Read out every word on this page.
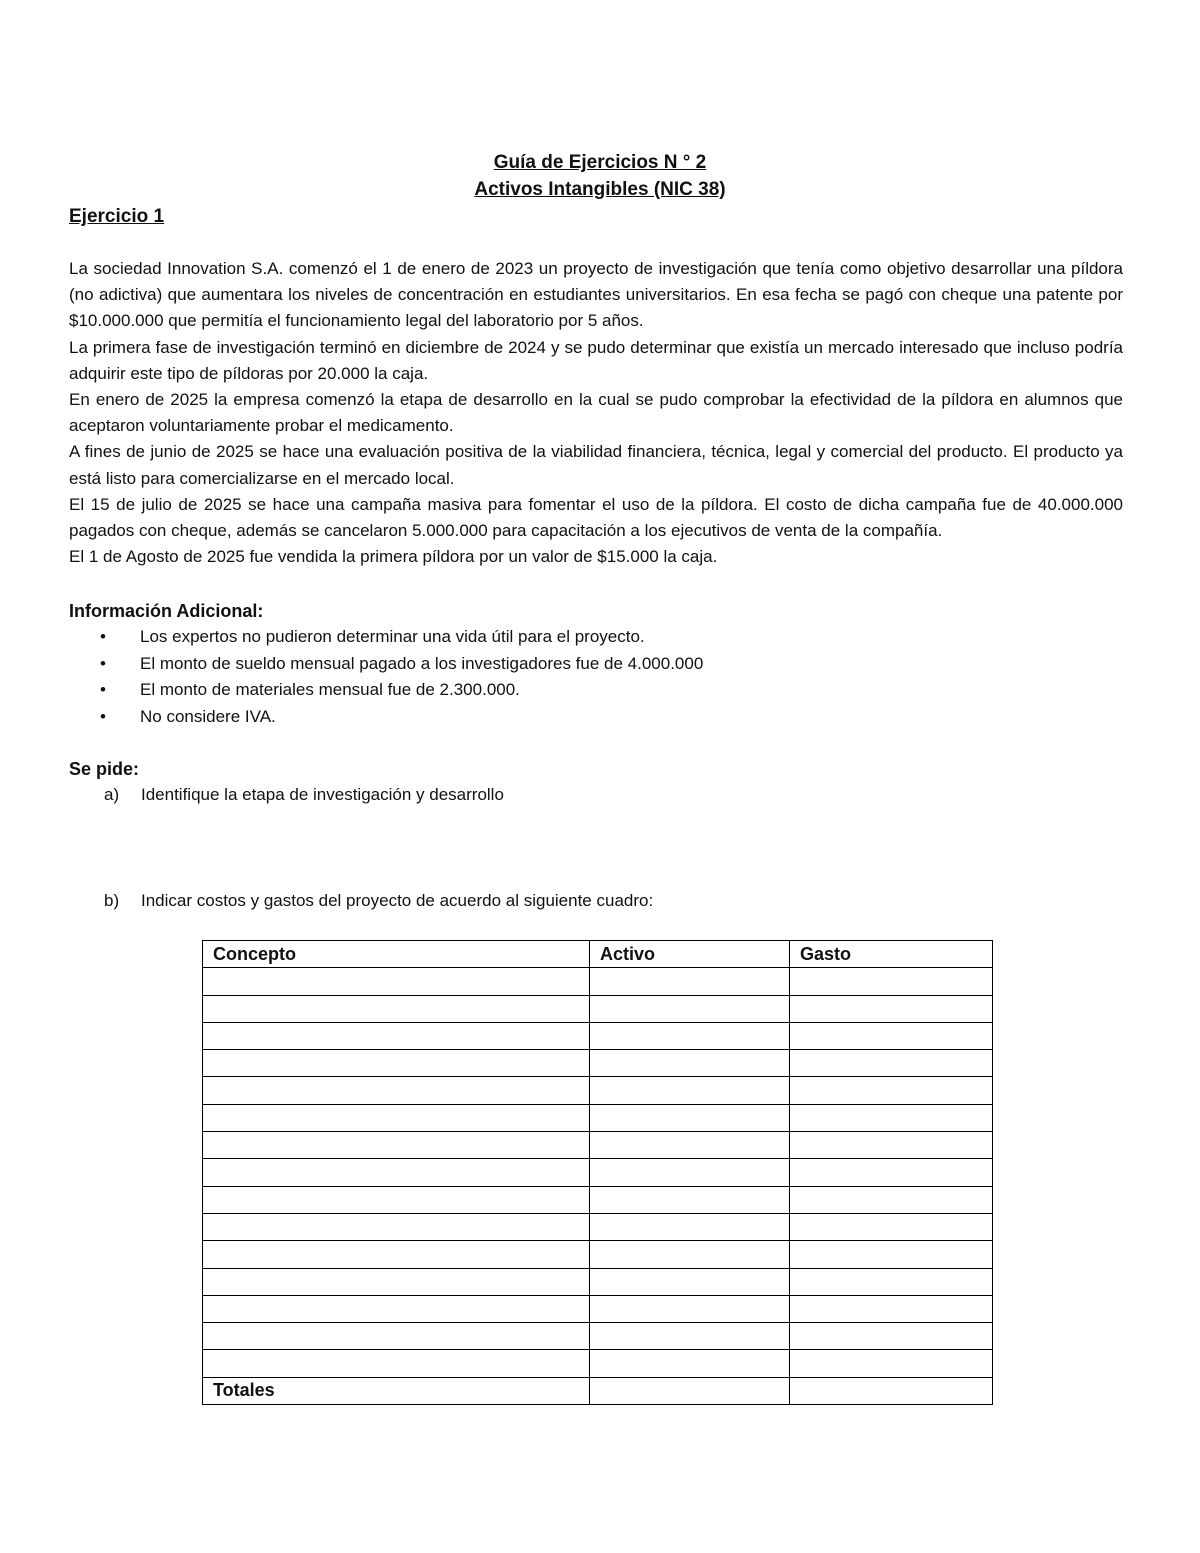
Guía de Ejercicios N ° 2
Activos Intangibles (NIC 38)
Ejercicio 1

La sociedad Innovation S.A. comenzó el 1 de enero de 2023 un proyecto de investigación que tenía como objetivo desarrollar una píldora (no adictiva) que aumentara los niveles de concentración en estudiantes universitarios. En esa fecha se pagó con cheque una patente por $10.000.000 que permitía el funcionamiento legal del laboratorio por 5 años.

La primera fase de investigación terminó en diciembre de 2024 y se pudo determinar que existía un mercado interesado que incluso podría adquirir este tipo de píldoras por 20.000 la caja.

En enero de 2025 la empresa comenzó la etapa de desarrollo en la cual se pudo comprobar la efectividad de la píldora en alumnos que aceptaron voluntariamente probar el medicamento.

A fines de junio de 2025 se hace una evaluación positiva de la viabilidad financiera, técnica, legal y comercial del producto. El producto ya está listo para comercializarse en el mercado local.

El 15 de julio de 2025 se hace una campaña masiva para fomentar el uso de la píldora. El costo de dicha campaña fue de 40.000.000 pagados con cheque, además se cancelaron 5.000.000 para capacitación a los ejecutivos de venta de la compañía.

El 1 de Agosto de 2025 fue vendida la primera píldora por un valor de $15.000 la caja.

Información Adicional:
• Los expertos no pudieron determinar una vida útil para el proyecto.
• El monto de sueldo mensual pagado a los investigadores fue de 4.000.000
• El monto de materiales mensual fue de 2.300.000.
• No considere IVA.
Se pide:
a) Identifique la etapa de investigación y desarrollo
b) Indicar costos y gastos del proyecto de acuerdo al siguiente cuadro:
Concepto	Activo	Gasto

Totales		
